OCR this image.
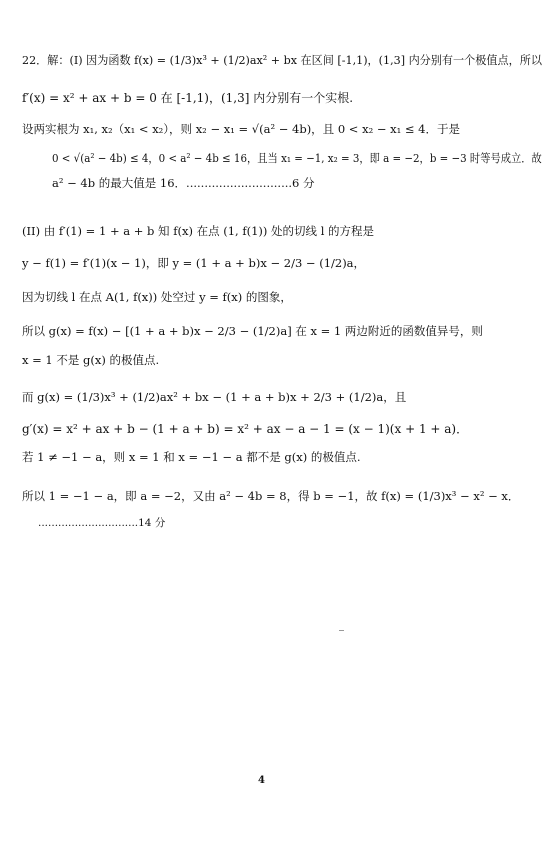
22．解：(I) 因为函数 f(x) = (1/3)x³ + (1/2)ax² + bx 在区间 [-1,1)，(1,3] 内分别有一个极值点，所以
f′(x) = x² + ax + b = 0 在 [-1,1)，(1,3] 内分别有一个实根.
设两实根为 x₁, x₂（x₁ < x₂），则 x₂ − x₁ = √(a² − 4b)，且 0 < x₂ − x₁ ≤ 4．于是
0 < √(a² − 4b) ≤ 4，0 < a² − 4b ≤ 16，且当 x₁ = −1, x₂ = 3，即 a = −2，b = −3 时等号成立．故
a² − 4b 的最大值是 16．.............................6 分
(II) 由 f′(1) = 1 + a + b 知 f(x) 在点 (1, f(1)) 处的切线 l 的方程是
y − f(1) = f′(1)(x − 1)，即 y = (1 + a + b)x − 2/3 − (1/2)a，
因为切线 l 在点 A(1, f(x)) 处空过 y = f(x) 的图象，
所以 g(x) = f(x) − [(1 + a + b)x − 2/3 − (1/2)a] 在 x = 1 两边附近的函数值异号，则
x = 1 不是 g(x) 的极值点.
而 g(x) = (1/3)x³ + (1/2)ax² + bx − (1 + a + b)x + 2/3 + (1/2)a，且
g′(x) = x² + ax + b − (1 + a + b) = x² + ax − a − 1 = (x − 1)(x + 1 + a)．
若 1 ≠ −1 − a，则 x = 1 和 x = −1 − a 都不是 g(x) 的极值点.
所以 1 = −1 − a，即 a = −2，又由 a² − 4b = 8，得 b = −1，故 f(x) = (1/3)x³ − x² − x．
..............................14 分
4
